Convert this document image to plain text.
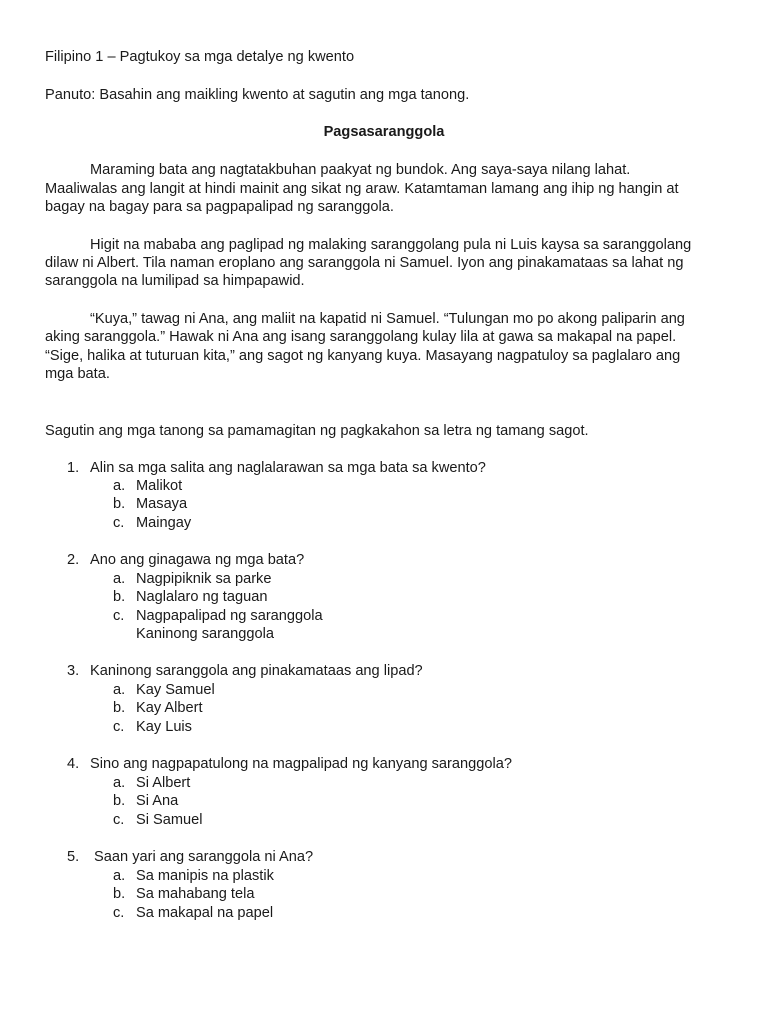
Filipino 1 – Pagtukoy sa mga detalye ng kwento
Panuto: Basahin ang maikling kwento at sagutin ang mga tanong.
Pagsasaranggola
Maraming bata ang nagtatakbuhan paakyat ng bundok. Ang saya-saya nilang lahat.
Maaliwalas ang langit at hindi mainit ang sikat ng araw. Katamtaman lamang ang ihip ng hangin at
bagay na bagay para sa pagpapalipad ng saranggola.
Higit na mababa ang paglipad ng malaking saranggolang pula ni Luis kaysa sa saranggolang
dilaw ni Albert. Tila naman eroplano ang saranggola ni Samuel. Iyon ang pinakamataas sa lahat ng
saranggola na lumilipad sa himpapawid.
“Kuya,” tawag ni Ana, ang maliit na kapatid ni Samuel. “Tulungan mo po akong paliparin ang
aking saranggola.” Hawak ni Ana ang isang saranggolang kulay lila at gawa sa makapal na papel.
“Sige, halika at tuturuan kita,” ang sagot ng kanyang kuya. Masayang nagpatuloy sa paglalaro ang
mga bata.
Sagutin ang mga tanong sa pamamagitan ng pagkakahon sa letra ng tamang sagot.
1. Alin sa mga salita ang naglalarawan sa mga bata sa kwento?
a. Malikot
b. Masaya
c. Maingay
2. Ano ang ginagawa ng mga bata?
a. Nagpipiknik sa parke
b. Naglalaro ng taguan
c. Nagpapalipad ng saranggola
Kaninong saranggola
3. Kaninong saranggola ang pinakamataas ang lipad?
a. Kay Samuel
b. Kay Albert
c. Kay Luis
4. Sino ang nagpapatulong na magpalipad ng kanyang saranggola?
a. Si Albert
b. Si Ana
c. Si Samuel
5. Saan yari ang saranggola ni Ana?
a. Sa manipis na plastik
b. Sa mahabang tela
c. Sa makapal na papel
